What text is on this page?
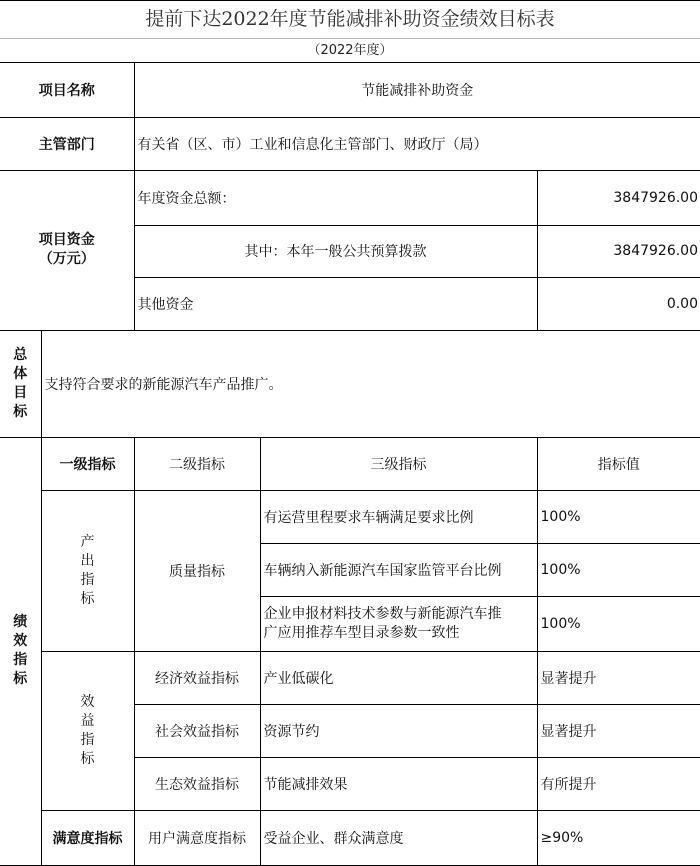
提前下达2022年度节能减排补助资金绩效目标表
（2022年度）
项目名称		节能减排补助资金		
主管部门		有关省（区、市）工业和信息化主管部门、财政厅（局）		

项目资金
（万元）		年度资金总额：		3847926.00
		其中：本年一般公共预算拨款		3847926.00
		其他资金		0.00

总
体
目
标	支持符合要求的新能源汽车产品推广。			

绩
效
指
标	一级指标	二级指标	三级指标	指标值

	产
出
指
标	质量指标	有运营里程要求车辆满足要求比例	100%
			车辆纳入新能源汽车国家监管平台比例	100%

			企业申报材料技术参数与新能源汽车推
广应用推荐车型目录参数一致性	100%

	效
益
指
标	经济效益指标	产业低碳化	显著提升
		社会效益指标	资源节约	显著提升
		生态效益指标	节能减排效果	有所提升
	满意度指标	用户满意度指标	受益企业、群众满意度	≥90%
